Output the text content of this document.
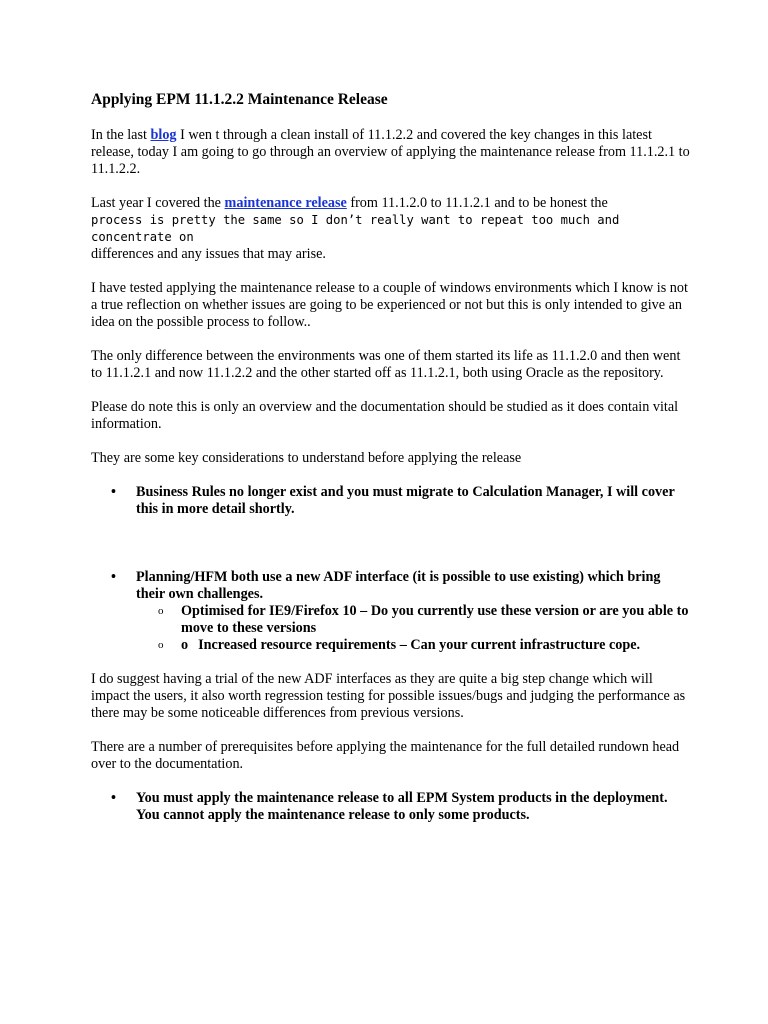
Applying EPM 11.1.2.2 Maintenance Release

In the last blog I wen t through a clean install of 11.1.2.2 and covered the key changes in this latest release, today I am going to go through an overview of applying the maintenance release from 11.1.2.1 to 11.1.2.2.

Last year I covered the maintenance release from 11.1.2.0 to 11.1.2.1 and to be honest the
process is pretty the same so I don’t really want to repeat too much and concentrate on
differences and any issues that may arise.

I have tested applying the maintenance release to a couple of windows environments which I know is not a true reflection on whether issues are going to be experienced or not but this is only intended to give an idea on the possible process to follow..

The only difference between the environments was one of them started its life as 11.1.2.0 and then went to 11.1.2.1 and now 11.1.2.2 and the other started off as 11.1.2.1, both using Oracle as the repository.

Please do note this is only an overview and the documentation should be studied as it does contain vital information.

They are some key considerations to understand before applying the release

• Business Rules no longer exist and you must migrate to Calculation Manager, I will cover this in more detail shortly.
• Planning/HFM both use a new ADF interface (it is possible to use existing) which bring their own challenges.
o Optimised for IE9/Firefox 10 – Do you currently use these version or are you able to move to these versions
o o Increased resource requirements – Can your current infrastructure cope.

I do suggest having a trial of the new ADF interfaces as they are quite a big step change which will impact the users, it also worth regression testing for possible issues/bugs and judging the performance as there may be some noticeable differences from previous versions.

There are a number of prerequisites before applying the maintenance for the full detailed rundown head over to the documentation.

• You must apply the maintenance release to all EPM System products in the deployment. You cannot apply the maintenance release to only some products.
